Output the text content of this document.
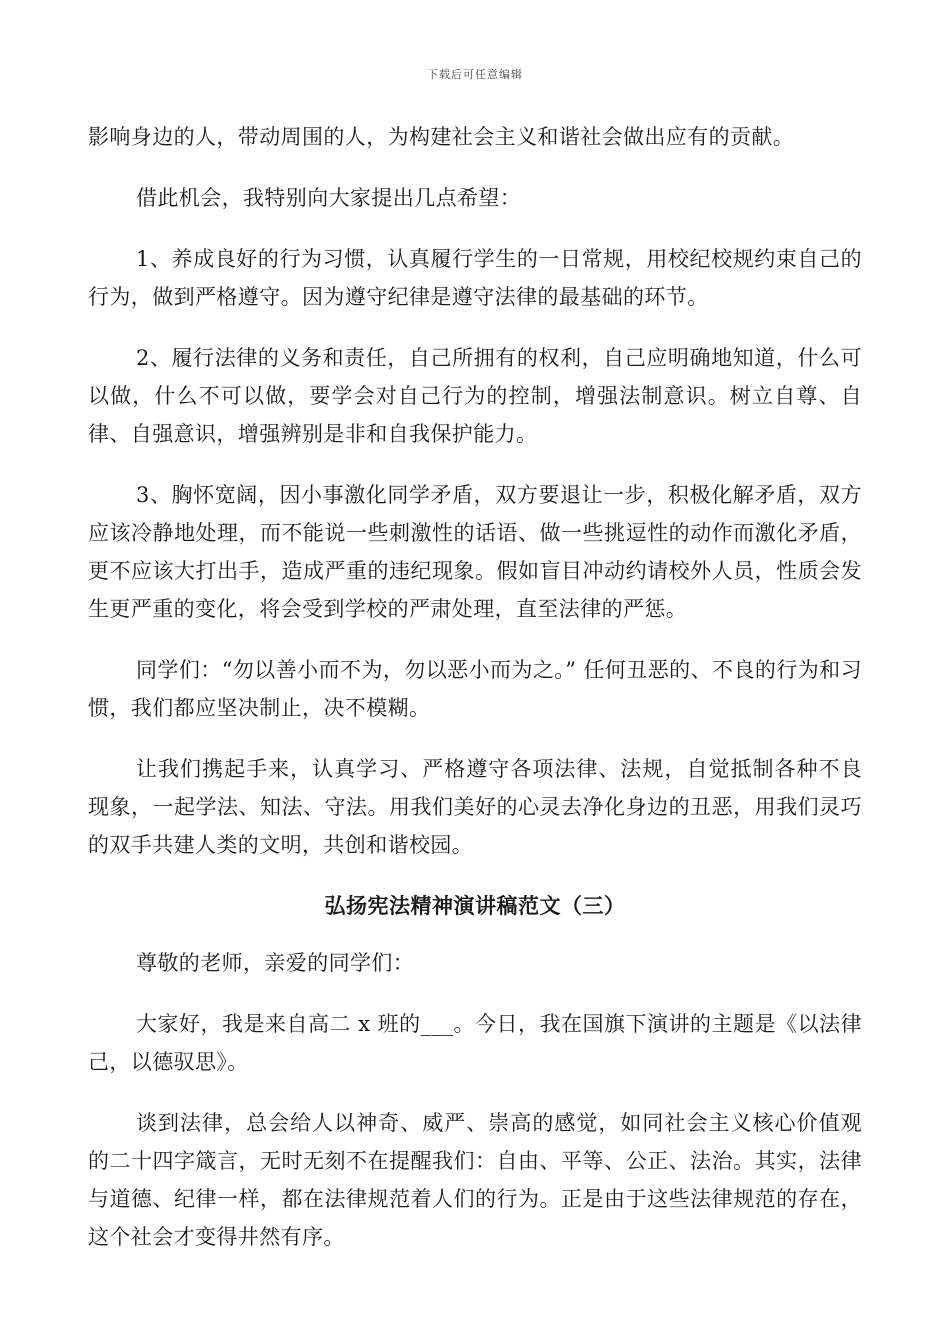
下载后可任意编辑

影响身边的人，带动周围的人，为构建社会主义和谐社会做出应有的贡献。

借此机会，我特别向大家提出几点希望：

1、养成良好的行为习惯，认真履行学生的一日常规，用校纪校规约束自己的行为，做到严格遵守。因为遵守纪律是遵守法律的最基础的环节。

2、履行法律的义务和责任，自己所拥有的权利，自己应明确地知道，什么可以做，什么不可以做，要学会对自己行为的控制，增强法制意识。树立自尊、自律、自强意识，增强辨别是非和自我保护能力。

3、胸怀宽阔，因小事激化同学矛盾，双方要退让一步，积极化解矛盾，双方应该冷静地处理，而不能说一些刺激性的话语、做一些挑逗性的动作而激化矛盾，更不应该大打出手，造成严重的违纪现象。假如盲目冲动约请校外人员，性质会发生更严重的变化，将会受到学校的严肃处理，直至法律的严惩。

同学们：“勿以善小而不为，勿以恶小而为之。” 任何丑恶的、不良的行为和习惯，我们都应坚决制止，决不模糊。

让我们携起手来，认真学习、严格遵守各项法律、法规，自觉抵制各种不良现象，一起学法、知法、守法。用我们美好的心灵去净化身边的丑恶，用我们灵巧的双手共建人类的文明，共创和谐校园。

弘扬宪法精神演讲稿范文（三）

尊敬的老师，亲爱的同学们：

大家好，我是来自高二 x 班的___。今日，我在国旗下演讲的主题是《以法律己，以德驭思》。

谈到法律，总会给人以神奇、威严、崇高的感觉，如同社会主义核心价值观的二十四字箴言，无时无刻不在提醒我们：自由、平等、公正、法治。其实，法律与道德、纪律一样，都在法律规范着人们的行为。正是由于这些法律规范的存在，这个社会才变得井然有序。
